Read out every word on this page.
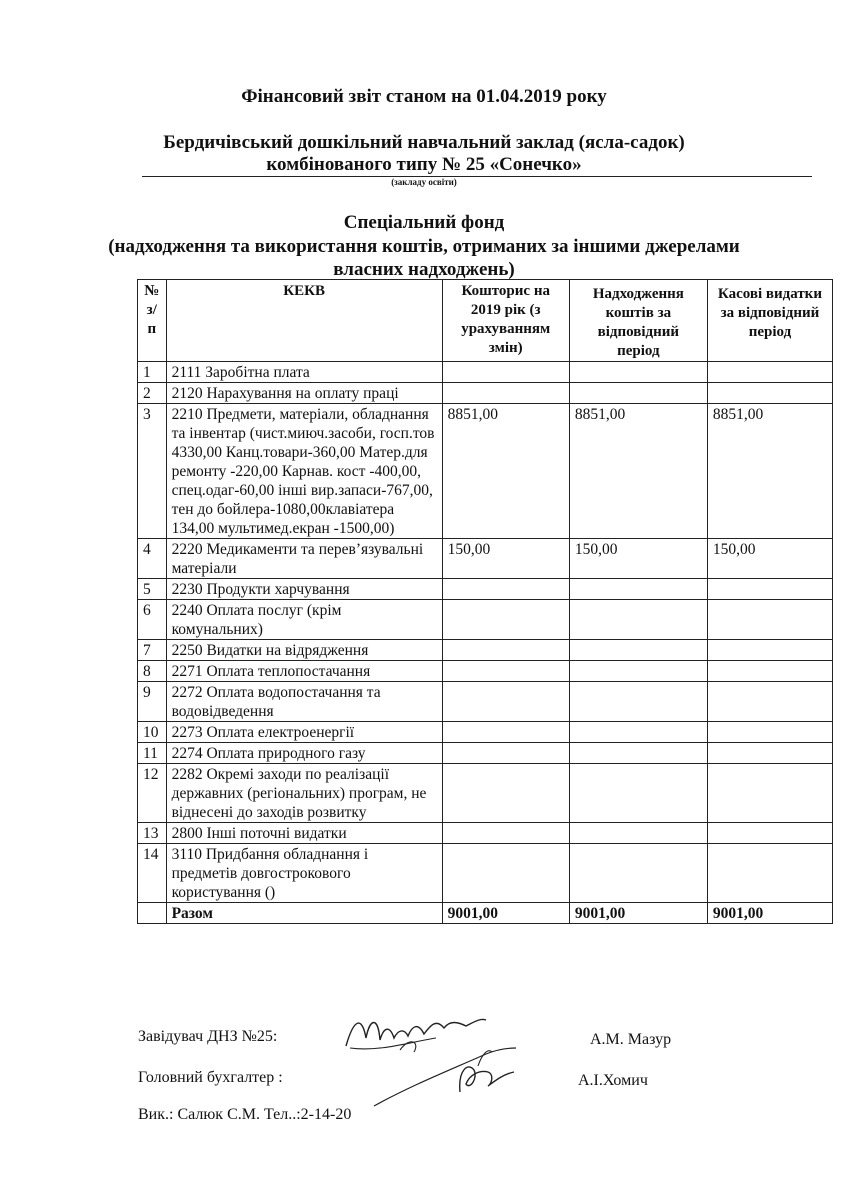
Фінансовий звіт станом на 01.04.2019 року
Бердичівський дошкільний навчальний заклад (ясла-садок)
комбінованого типу № 25 «Сонечко»
(закладу освіти)
Спеціальний фонд
(надходження та використання коштів, отриманих за іншими джерелами
власних надходжень)
№ з/п	КЕКВ	Кошторис на 2019 рік (з урахуванням змін)	Надходження коштів за відповідний період	Касові видатки за відповідний період
1	2111 Заробітна плата			
2	2120 Нарахування на оплату праці			
3	2210 Предмети, матеріали, обладнання та інвентар (чист.миюч.засоби, госп.тов 4330,00 Канц.товари-360,00 Матер.для ремонту -220,00 Карнав. кост -400,00, спец.одаг-60,00 інші вир.запаси-767,00, тен до бойлера-1080,00клавіатера 134,00 мультимед.екран -1500,00)	8851,00	8851,00	8851,00
4	2220 Медикаменти та перев’язувальні матеріали	150,00	150,00	150,00
5	2230 Продукти харчування			
6	2240 Оплата послуг (крім комунальних)			
7	2250 Видатки на відрядження			
8	2271 Оплата теплопостачання			
9	2272 Оплата водопостачання та водовідведення			
10	2273 Оплата електроенергії			
11	2274 Оплата природного газу			
12	2282 Окремі заходи по реалізації державних (регіональних) програм, не віднесені до заходів розвитку			
13	2800 Інші поточні видатки			
14	3110 Придбання обладнання і предметів довгострокового користування ()			
	Разом	9001,00	9001,00	9001,00
Завідувач ДНЗ №25:	А.М. Мазур
Головний бухгалтер :	А.І.Хомич
Вик.: Салюк С.М. Тел..:2-14-20
